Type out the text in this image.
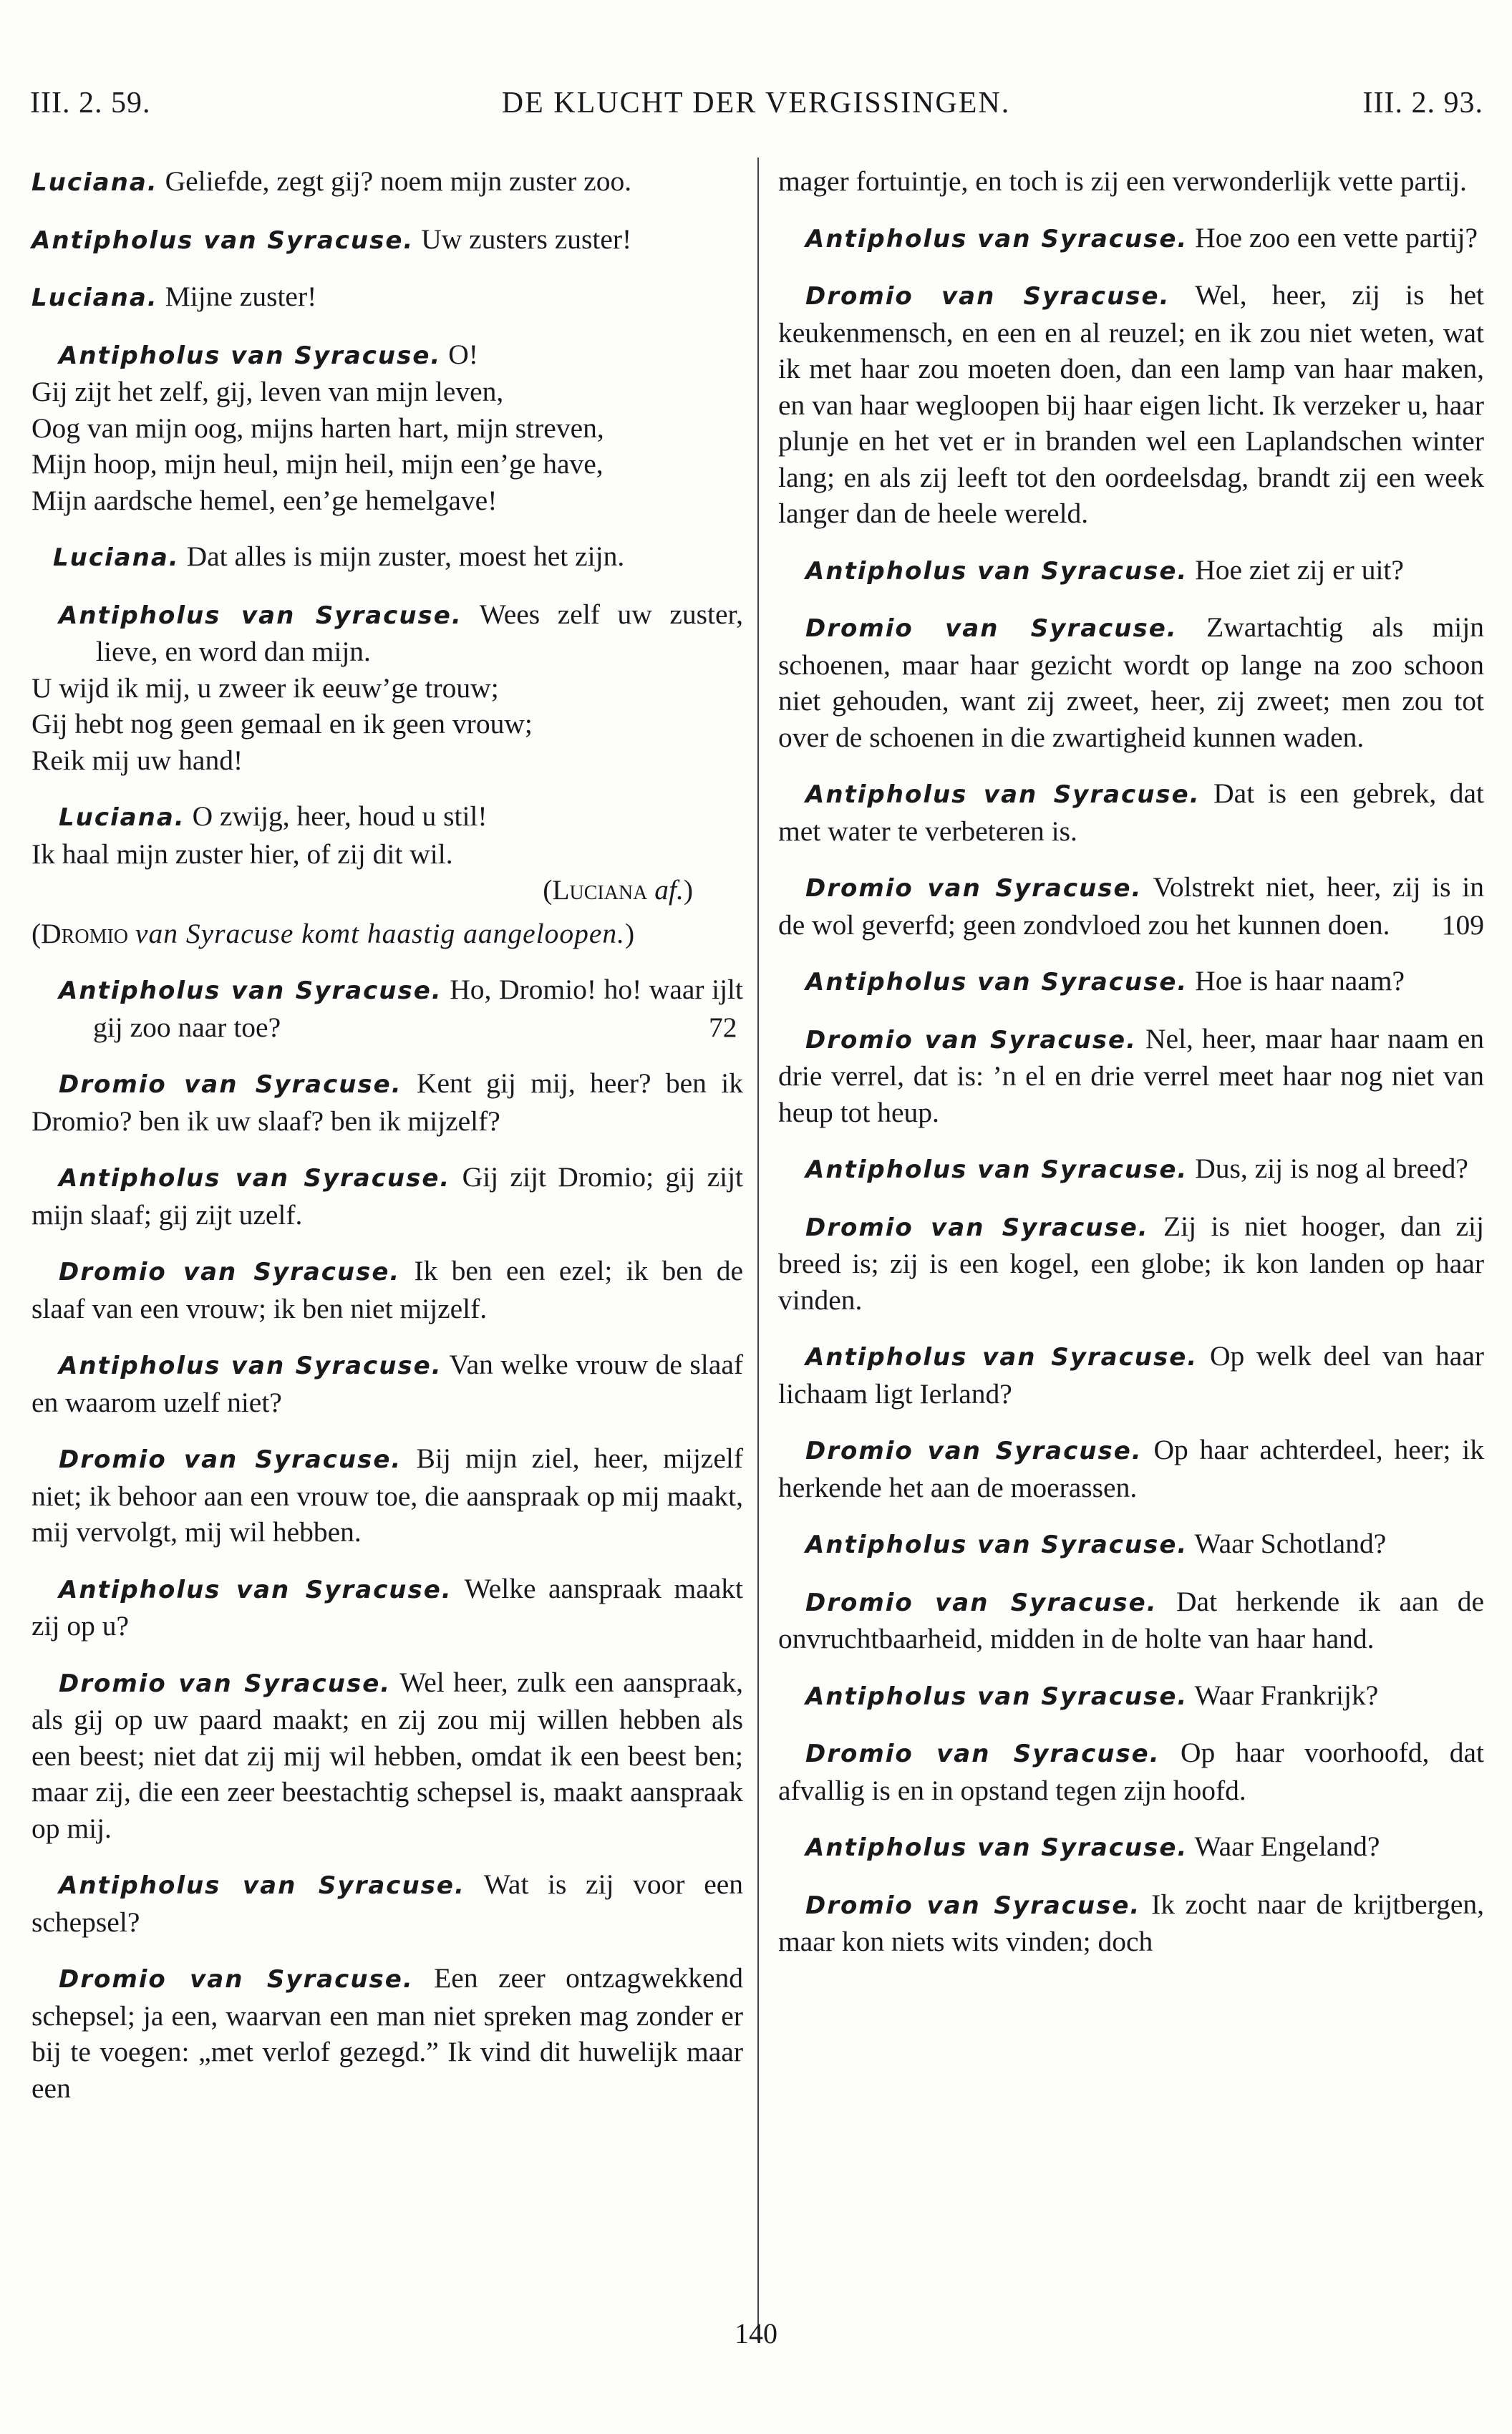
III. 2. 59.	DE KLUCHT DER VERGISSINGEN.	III. 2. 93.

Luciana. Geliefde, zegt gij? noem mijn zuster zoo.

Antipholus van Syracuse. Uw zusters zuster!

Luciana. Mijne zuster!

Antipholus van Syracuse. O!

Gij zijt het zelf, gij, leven van mijn leven,

Oog van mijn oog, mijns harten hart, mijn streven,

Mijn hoop, mijn heul, mijn heil, mijn een’ge have,

Mijn aardsche hemel, een’ge hemelgave!

Luciana. Dat alles is mijn zuster, moest het zijn.

Antipholus van Syracuse. Wees zelf uw zuster, lieve, en word dan mijn.

U wijd ik mij, u zweer ik eeuw’ge trouw;

Gij hebt nog geen gemaal en ik geen vrouw;

Reik mij uw hand!

Luciana. O zwijg, heer, houd u stil!

Ik haal mijn zuster hier, of zij dit wil.

(Luciana af.)

(Dromio van Syracuse komt haastig aangeloopen.)

Antipholus van Syracuse. Ho, Dromio! ho! waar ijlt gij zoo naar toe?	72

Dromio van Syracuse. Kent gij mij, heer? ben ik Dromio? ben ik uw slaaf? ben ik mijzelf?

Antipholus van Syracuse. Gij zijt Dromio; gij zijt mijn slaaf; gij zijt uzelf.

Dromio van Syracuse. Ik ben een ezel; ik ben de slaaf van een vrouw; ik ben niet mijzelf.

Antipholus van Syracuse. Van welke vrouw de slaaf en waarom uzelf niet?

Dromio van Syracuse. Bij mijn ziel, heer, mijzelf niet; ik behoor aan een vrouw toe, die aanspraak op mij maakt, mij vervolgt, mij wil hebben.

Antipholus van Syracuse. Welke aanspraak maakt zij op u?

Dromio van Syracuse. Wel heer, zulk een aanspraak, als gij op uw paard maakt; en zij zou mij willen hebben als een beest; niet dat zij mij wil hebben, omdat ik een beest ben; maar zij, die een zeer beestachtig schepsel is, maakt aanspraak op mij.

Antipholus van Syracuse. Wat is zij voor een schepsel?

Dromio van Syracuse. Een zeer ontzagwekkend schepsel; ja een, waarvan een man niet spreken mag zonder er bij te voegen: „met verlof gezegd.” Ik vind dit huwelijk maar een

mager fortuintje, en toch is zij een verwonderlijk vette partij.

Antipholus van Syracuse. Hoe zoo een vette partij?

Dromio van Syracuse. Wel, heer, zij is het keukenmensch, en een en al reuzel; en ik zou niet weten, wat ik met haar zou moeten doen, dan een lamp van haar maken, en van haar wegloopen bij haar eigen licht. Ik verzeker u, haar plunje en het vet er in branden wel een Laplandschen winter lang; en als zij leeft tot den oordeelsdag, brandt zij een week langer dan de heele wereld.

Antipholus van Syracuse. Hoe ziet zij er uit?

Dromio van Syracuse. Zwartachtig als mijn schoenen, maar haar gezicht wordt op lange na zoo schoon niet gehouden, want zij zweet, heer, zij zweet; men zou tot over de schoenen in die zwartigheid kunnen waden.

Antipholus van Syracuse. Dat is een gebrek, dat met water te verbeteren is.

Dromio van Syracuse. Volstrekt niet, heer, zij is in de wol geverfd; geen zondvloed zou het kunnen doen.	109

Antipholus van Syracuse. Hoe is haar naam?

Dromio van Syracuse. Nel, heer, maar haar naam en drie verrel, dat is: ’n el en drie verrel meet haar nog niet van heup tot heup.

Antipholus van Syracuse. Dus, zij is nog al breed?

Dromio van Syracuse. Zij is niet hooger, dan zij breed is; zij is een kogel, een globe; ik kon landen op haar vinden.

Antipholus van Syracuse. Op welk deel van haar lichaam ligt Ierland?

Dromio van Syracuse. Op haar achterdeel, heer; ik herkende het aan de moerassen.

Antipholus van Syracuse. Waar Schotland?

Dromio van Syracuse. Dat herkende ik aan de onvruchtbaarheid, midden in de holte van haar hand.

Antipholus van Syracuse. Waar Frankrijk?

Dromio van Syracuse. Op haar voorhoofd, dat afvallig is en in opstand tegen zijn hoofd.

Antipholus van Syracuse. Waar Engeland?

Dromio van Syracuse. Ik zocht naar de krijtbergen, maar kon niets wits vinden; doch

140
